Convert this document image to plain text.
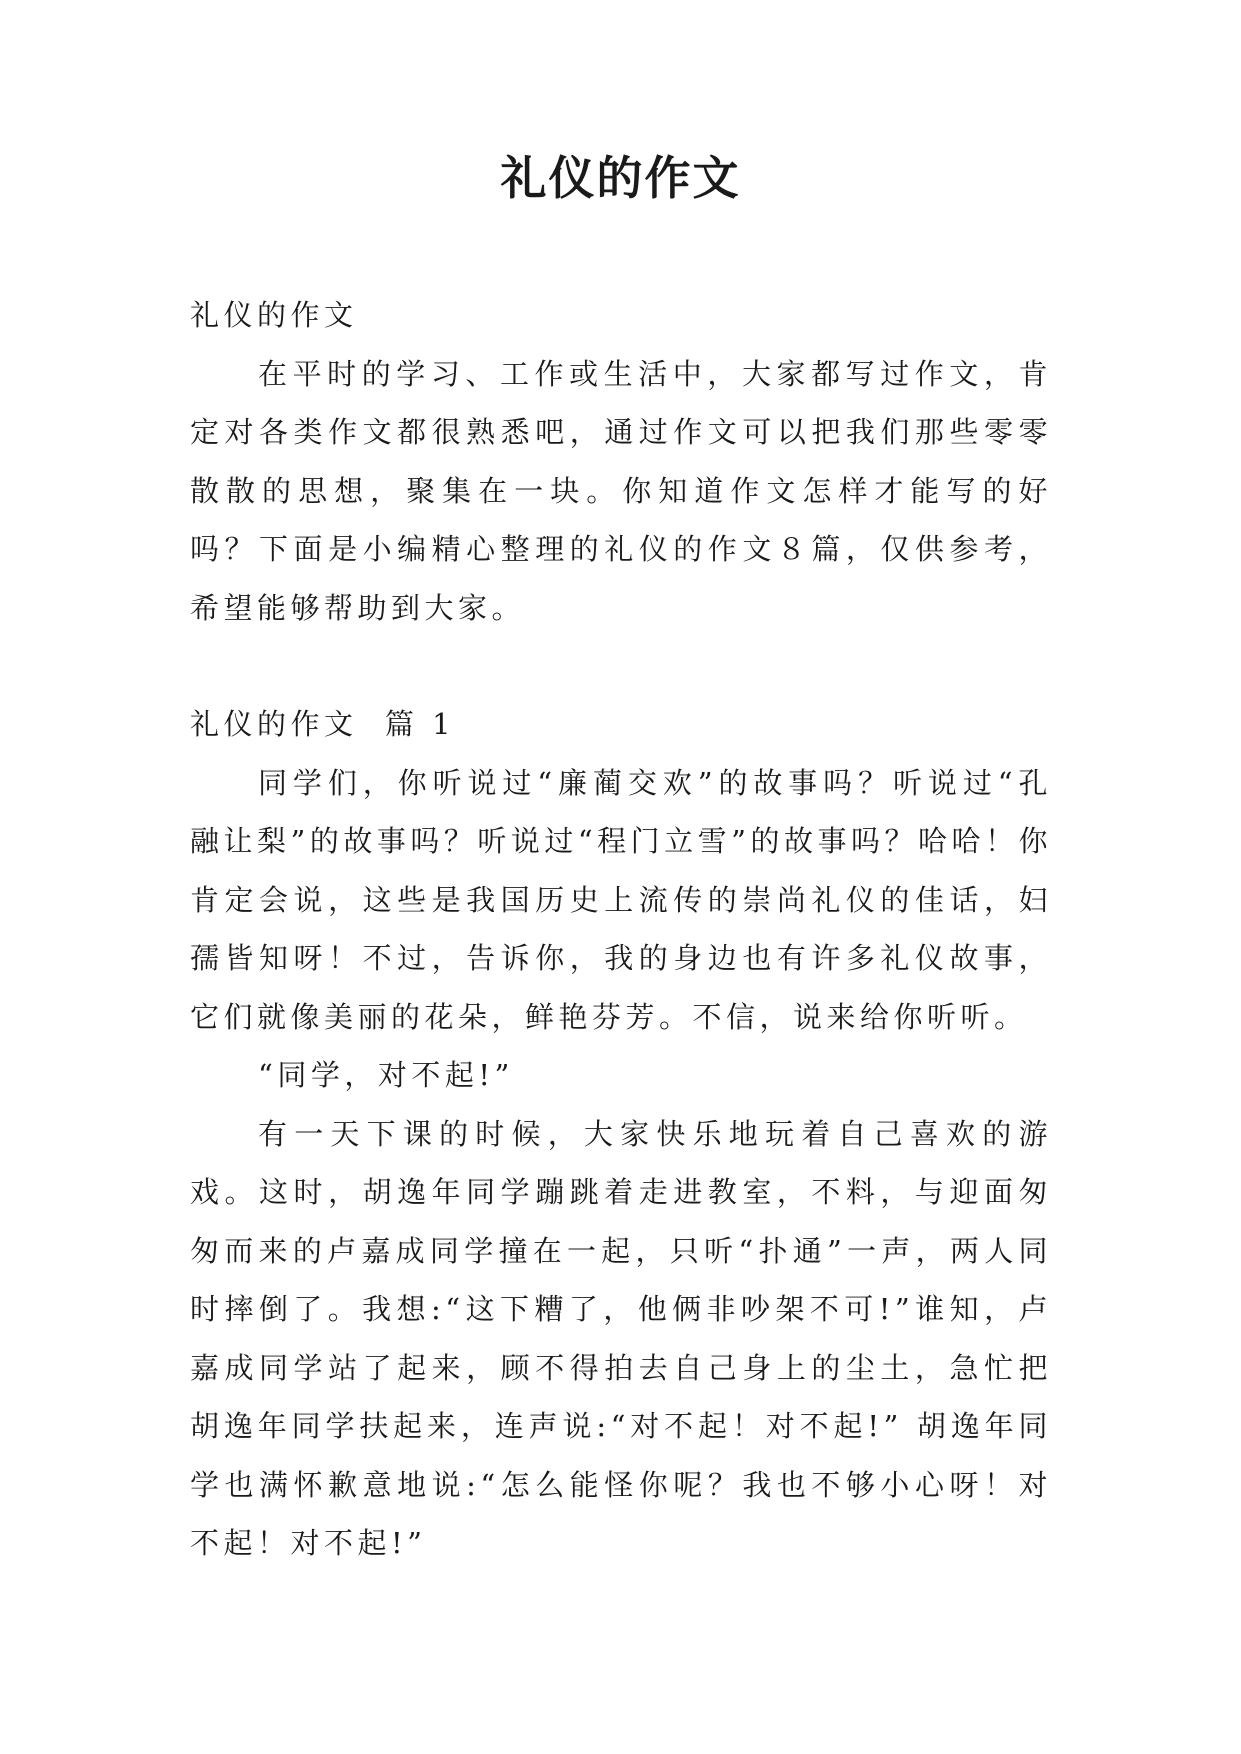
礼仪的作文

礼仪的作文

在平时的学习、工作或生活中，大家都写过作文，肯定对各类作文都很熟悉吧，通过作文可以把我们那些零零散散的思想，聚集在一块。你知道作文怎样才能写的好吗？下面是小编精心整理的礼仪的作文８篇，仅供参考，希望能够帮助到大家。

礼仪的作文  篇 1

同学们，你听说过“廉蔺交欢”的故事吗？听说过“孔融让梨”的故事吗？听说过“程门立雪”的故事吗？哈哈！你肯定会说，这些是我国历史上流传的崇尚礼仪的佳话，妇孺皆知呀！不过，告诉你，我的身边也有许多礼仪故事，它们就像美丽的花朵，鲜艳芬芳。不信，说来给你听听。

“同学，对不起!”

有一天下课的时候，大家快乐地玩着自己喜欢的游戏。这时，胡逸年同学蹦跳着走进教室，不料，与迎面匆匆而来的卢嘉成同学撞在一起，只听“扑通”一声，两人同时摔倒了。我想:“这下糟了，他俩非吵架不可!”谁知，卢嘉成同学站了起来，顾不得拍去自己身上的尘土，急忙把胡逸年同学扶起来，连声说:“对不起！对不起!” 胡逸年同学也满怀歉意地说:“怎么能怪你呢？我也不够小心呀！对不起！对不起!”
